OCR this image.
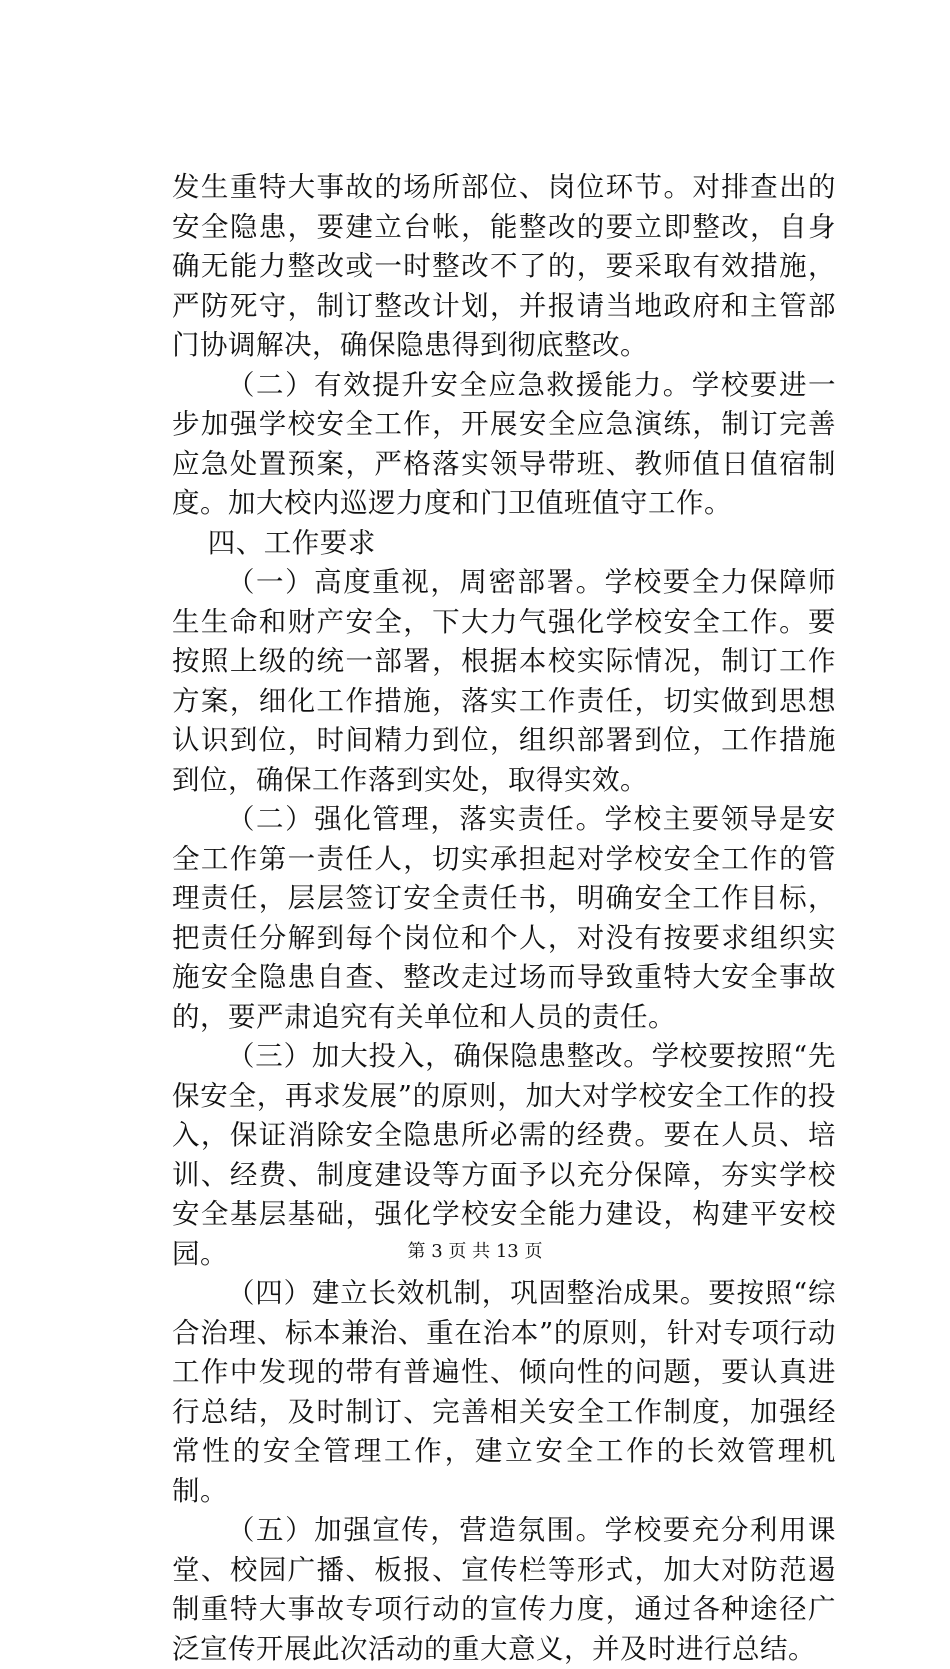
发生重特大事故的场所部位、岗位环节。对排查出的安全隐患，要建立台帐，能整改的要立即整改，自身确无能力整改或一时整改不了的，要采取有效措施，严防死守，制订整改计划，并报请当地政府和主管部门协调解决，确保隐患得到彻底整改。

（二）有效提升安全应急救援能力。学校要进一步加强学校安全工作，开展安全应急演练，制订完善应急处置预案，严格落实领导带班、教师值日值宿制度。加大校内巡逻力度和门卫值班值守工作。

四、工作要求

（一）高度重视，周密部署。学校要全力保障师生生命和财产安全，下大力气强化学校安全工作。要按照上级的统一部署，根据本校实际情况，制订工作方案，细化工作措施，落实工作责任，切实做到思想认识到位，时间精力到位，组织部署到位，工作措施到位，确保工作落到实处，取得实效。

（二）强化管理，落实责任。学校主要领导是安全工作第一责任人，切实承担起对学校安全工作的管理责任，层层签订安全责任书，明确安全工作目标，把责任分解到每个岗位和个人，对没有按要求组织实施安全隐患自查、整改走过场而导致重特大安全事故的，要严肃追究有关单位和人员的责任。

（三）加大投入，确保隐患整改。学校要按照“先保安全，再求发展”的原则，加大对学校安全工作的投入，保证消除安全隐患所必需的经费。要在人员、培训、经费、制度建设等方面予以充分保障，夯实学校安全基层基础，强化学校安全能力建设，构建平安校园。

（四）建立长效机制，巩固整治成果。要按照“综合治理、标本兼治、重在治本”的原则，针对专项行动工作中发现的带有普遍性、倾向性的问题，要认真进行总结，及时制订、完善相关安全工作制度，加强经常性的安全管理工作，建立安全工作的长效管理机制。

（五）加强宣传，营造氛围。学校要充分利用课堂、校园广播、板报、宣传栏等形式，加大对防范遏制重特大事故专项行动的宣传力度，通过各种途径广泛宣传开展此次活动的重大意义，并及时进行总结。

第 3 页 共 13 页
